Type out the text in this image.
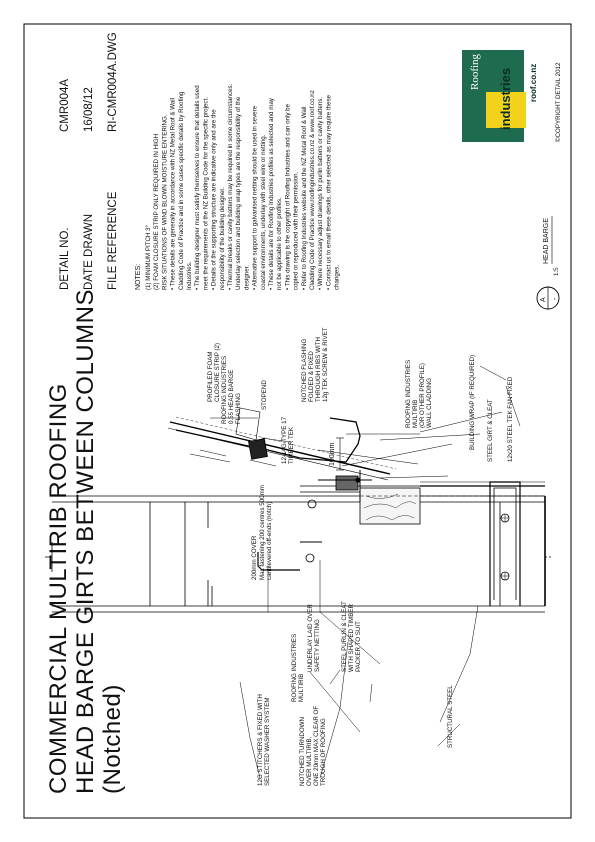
COMMERCIAL MULTIRIB ROOFING HEAD BARGE GIRTS BETWEEN COLUMNS (Notched)
DETAIL NO.
CMR004A
DATE DRAWN
16/08/12
FILE REFERENCE
RI-CMR004A.DWG
NOTES: (1) MINIMUM PITCH 3° (2) FOAM CLOSURE STRIP ONLY REQUIRED IN HIGH RISK SITUATIONS OF WIND BLOWN MOISTURE ENTERING. • These details are generally in accordance with NZ Metal Roof & Wall Cladding Code of Practice and in some cases specific details by Roofing Industries. • The building designer must satisfy themselves to ensure that details used meet the requirements of the NZ Building Code for the specific project. • Details of the supporting structure are indicative only and are the responsibility of the building designer. • Thermal breaks or cavity battens may be required in some circumstances. Underlay selection and building wrap types are the responsibility of the designer. • Alternative support to galvanised netting should be used in severe coastal environments, underlay with steel wire or netting. • These details are for Roofing Industries profiles as selected and may not be applicable to other profiles. • This drawing is the copyright of Roofing Industries and can only be copied or reproduced with their permission. • Refer to Roofing Industries website and the NZ Metal Roof & Wall Cladding Code of Practice www.roofingindustries.co.nz & www.roof.co.nz • Where necessary adjust drawings for purlin battens or cavity battens. • Contact us to email these details, other selected as may require these changes.
200mm COVER Max fastening 200 centres 500mm cantilevered off-ends (notch)
ROOFING INDUSTRIES MULTIRIB
12G STITCHERS & FIXED WITH SELECTED WASHER SYSTEM	NOTCHED TURNDOWN OVER MULTIRIB, ONE 20mm MAX CLEAR OF TROUGH OF ROOFING
UNDERLAY LAID OVER SAFETY NETTING	STEEL PURLIN & CLEAT WITH SHAPED TIMBER PACKER TO SUIT
STRUCTURAL STEEL
PROFILED FOAM CLOSURE STRIP (2) ROOFING INDUSTRIES 0.55 HEAD BARGE FLASHING	STOPEND
12-14G TYPE 17 TIMBER TEK
NOTCHED FLASHING FOLDED & FIXED THROUGH RIBS WITH 12g TEK SCREW & RIVET
100mm
ROOFING INDUSTRIES MULTIRIB (OR OTHER PROFILE) WALL CLADDING	BUILDING WRAP (IF REQUIRED) STEEL GIRT & CLEAT 12x20 STEEL TEK FAN FIXED
A -
1:5
HEAD BARGE
©COPYRIGHT DETAIL 2012
Roofing industries roof.co.nz
